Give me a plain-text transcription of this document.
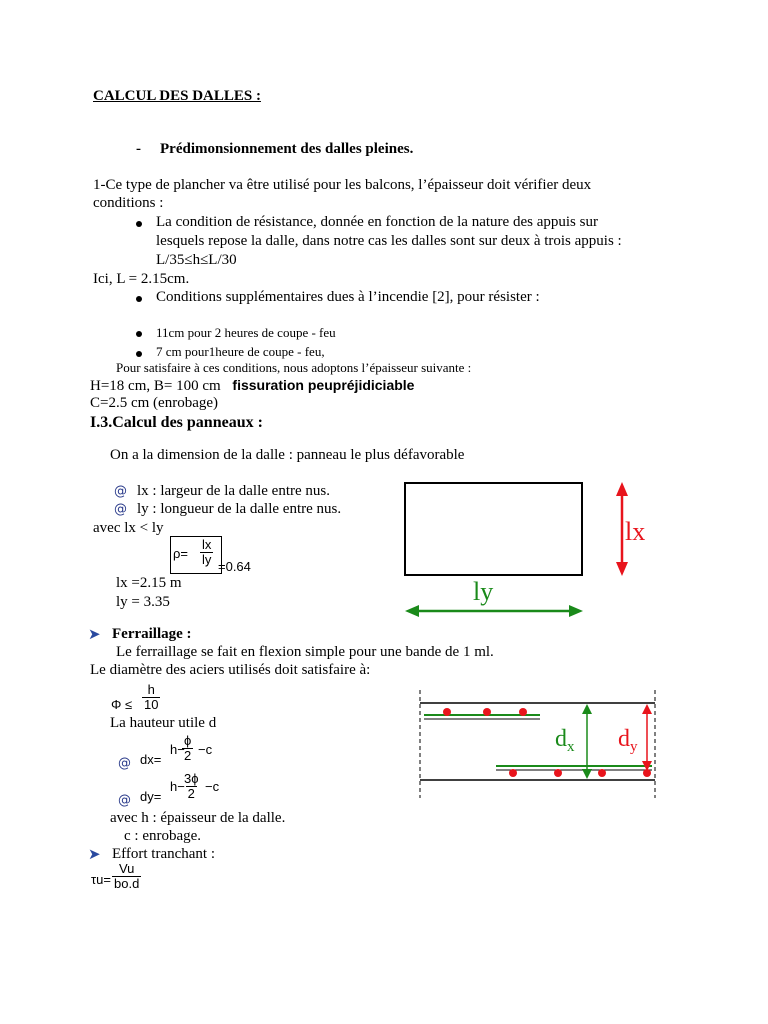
CALCUL DES DALLES :
- Prédimonsionnement des dalles pleines.
1-Ce type de plancher va être utilisé pour les balcons, l’épaisseur doit vérifier deux
conditions :
La condition de résistance, donnée en fonction de la nature des appuis sur
lesquels repose la dalle, dans notre cas les dalles sont sur deux à trois appuis :
L/35≤h≤L/30
Ici, L = 2.15cm.
Conditions supplémentaires dues à l’incendie [2], pour résister :
11cm pour 2 heures de coupe - feu
7 cm pour1heure de coupe - feu,
Pour satisfaire à ces conditions, nous adoptons l’épaisseur suivante :
H=18 cm, B= 100 cm fissuration peupréjidiciable
C=2.5 cm (enrobage)
I.3.Calcul des panneaux :
On a la dimension de la dalle : panneau le plus défavorable
@ lx : largeur de la dalle entre nus.
@ ly : longueur de la dalle entre nus.
avec lx < ly
$\rho= \frac{lx}{ly} =0.64$
lx =2.15 m
ly = 3.35
lx
ly
➤ Ferraillage :
Le ferraillage se fait en flexion simple pour une bande de 1 ml.
Le diamètre des aciers utilisés doit satisfaire à:
$\Phi \le \frac{h}{10}$
La hauteur utile d
@ dx=
h−
$\frac{\phi}{2} -c$
@ dy=
h−
$\frac{3\phi}{2} -c$
avec h : épaisseur de la dalle.
c : enrobage.
$d_x$ $d_y$
➤ Effort tranchant :
$\tau u= \frac{Vu}{bo.d}$
